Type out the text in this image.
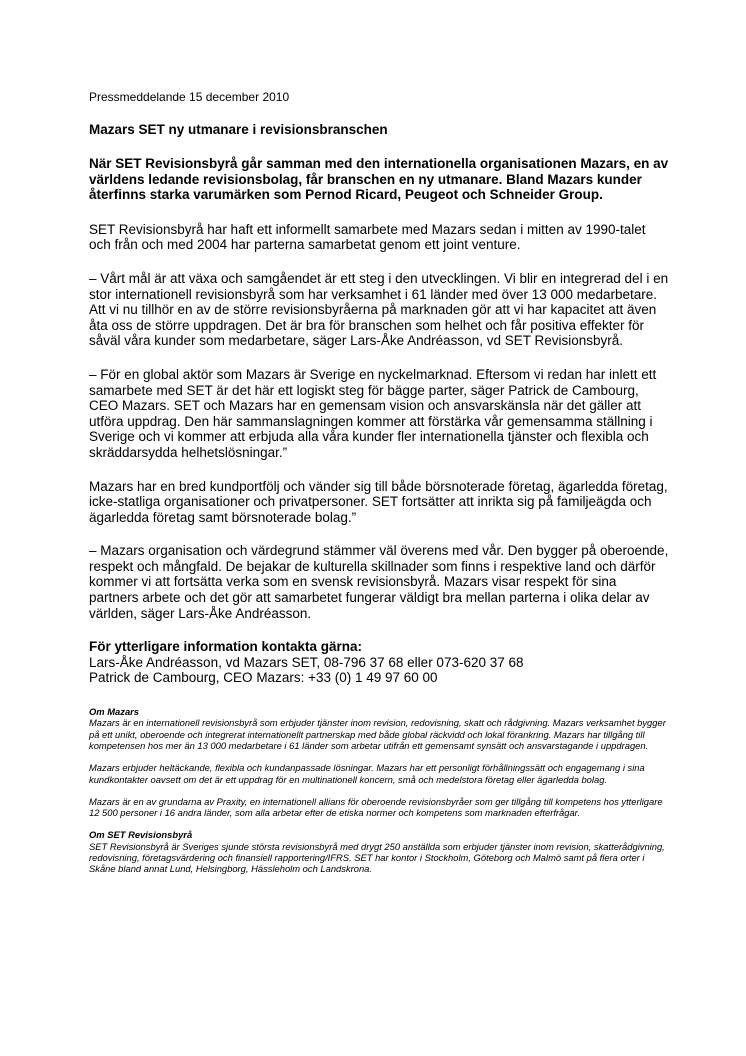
Pressmeddelande 15 december 2010

Mazars SET ny utmanare i revisionsbranschen

När SET Revisionsbyrå går samman med den internationella organisationen Mazars, en av världens ledande revisionsbolag, får branschen en ny utmanare. Bland Mazars kunder återfinns starka varumärken som Pernod Ricard, Peugeot och Schneider Group.

SET Revisionsbyrå har haft ett informellt samarbete med Mazars sedan i mitten av 1990-talet och från och med 2004 har parterna samarbetat genom ett joint venture.

– Vårt mål är att växa och samgåendet är ett steg i den utvecklingen. Vi blir en integrerad del i en stor internationell revisionsbyrå som har verksamhet i 61 länder med över 13 000 medarbetare. Att vi nu tillhör en av de större revisionsbyråerna på marknaden gör att vi har kapacitet att även åta oss de större uppdragen. Det är bra för branschen som helhet och får positiva effekter för såväl våra kunder som medarbetare, säger Lars-Åke Andréasson, vd SET Revisionsbyrå.

– För en global aktör som Mazars är Sverige en nyckelmarknad. Eftersom vi redan har inlett ett samarbete med SET är det här ett logiskt steg för bägge parter, säger Patrick de Cambourg, CEO Mazars. SET och Mazars har en gemensam vision och ansvarskänsla när det gäller att utföra uppdrag. Den här sammanslagningen kommer att förstärka vår gemensamma ställning i Sverige och vi kommer att erbjuda alla våra kunder fler internationella tjänster och flexibla och skräddarsydda helhetslösningar.”

Mazars har en bred kundportfölj och vänder sig till både börsnoterade företag, ägarledda företag, icke-statliga organisationer och privatpersoner. SET fortsätter att inrikta sig på familjeägda och ägarledda företag samt börsnoterade bolag.”

– Mazars organisation och värdegrund stämmer väl överens med vår. Den bygger på oberoende, respekt och mångfald. De bejakar de kulturella skillnader som finns i respektive land och därför kommer vi att fortsätta verka som en svensk revisionsbyrå. Mazars visar respekt för sina partners arbete och det gör att samarbetet fungerar väldigt bra mellan parterna i olika delar av världen, säger Lars-Åke Andréasson.

För ytterligare information kontakta gärna:

Lars-Åke Andréasson, vd Mazars SET, 08-796 37 68 eller 073-620 37 68

Patrick de Cambourg, CEO Mazars: +33 (0) 1 49 97 60 00

Om Mazars

Mazars är en internationell revisionsbyrå som erbjuder tjänster inom revision, redovisning, skatt och rådgivning. Mazars verksamhet bygger på ett unikt, oberoende och integrerat internationellt partnerskap med både global räckvidd och lokal förankring. Mazars har tillgång till kompetensen hos mer än 13 000 medarbetare i 61 länder som arbetar utifrån ett gemensamt synsätt och ansvarstagande i uppdragen.

Mazars erbjuder heltäckande, flexibla och kundanpassade lösningar. Mazars har ett personligt förhållningssätt och engagemang i sina kundkontakter oavsett om det är ett uppdrag för en multinationell koncern, små och medelstora företag eller ägarledda bolag.

Mazars är en av grundarna av Praxity, en internationell allians för oberoende revisionsbyråer som ger tillgång till kompetens hos ytterligare 12 500 personer i 16 andra länder, som alla arbetar efter de etiska normer och kompetens som marknaden efterfrågar.

Om SET Revisionsbyrå

SET Revisionsbyrå är Sveriges sjunde största revisionsbyrå med drygt 250 anställda som erbjuder tjänster inom revision, skatterådgivning, redovisning, företagsvärdering och finansiell rapportering/IFRS. SET har kontor i Stockholm, Göteborg och Malmö samt på flera orter i Skåne bland annat Lund, Helsingborg, Hässleholm och Landskrona.
